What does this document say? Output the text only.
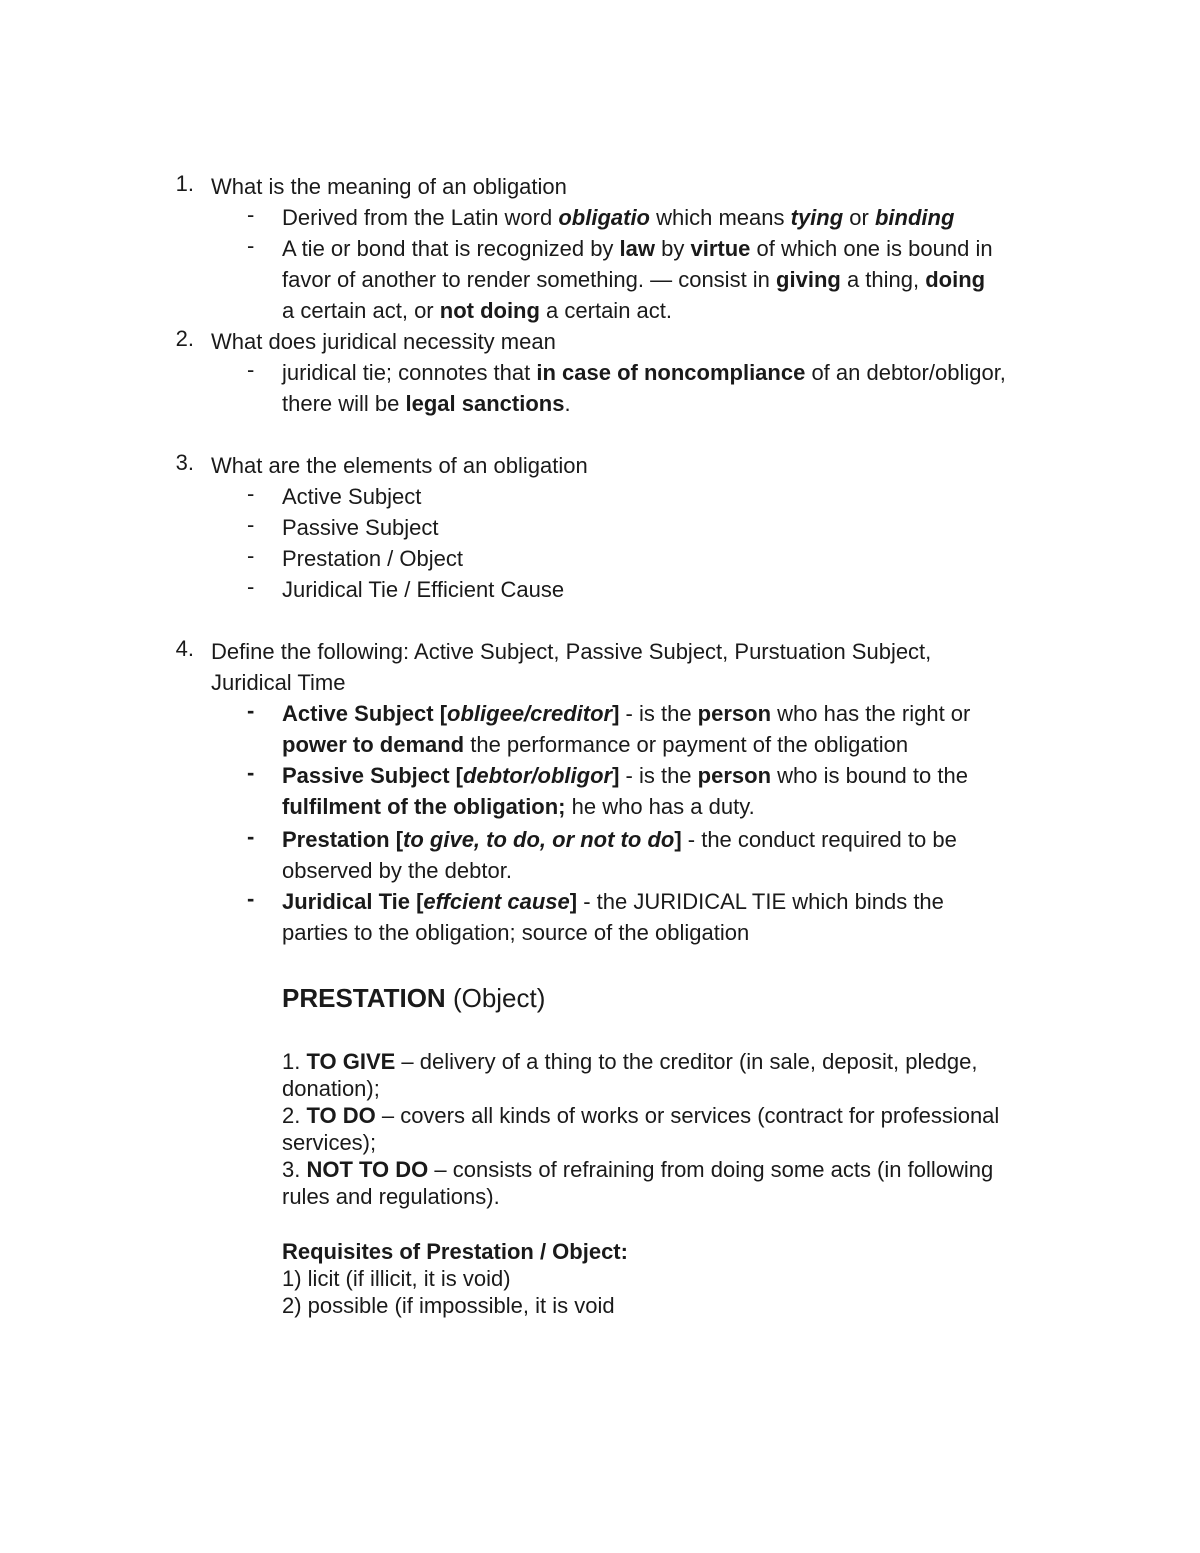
1. What is the meaning of an obligation
- Derived from the Latin word obligatio which means tying or binding
- A tie or bond that is recognized by law by virtue of which one is bound in
favor of another to render something. — consist in giving a thing, doing
a certain act, or not doing a certain act.
2. What does juridical necessity mean
- juridical tie; connotes that in case of noncompliance of an debtor/obligor,
there will be legal sanctions.
3. What are the elements of an obligation
- Active Subject
- Passive Subject
- Prestation / Object
- Juridical Tie / Efficient Cause
4. Define the following: Active Subject, Passive Subject, Purstuation Subject,
Juridical Time
- Active Subject [obligee/creditor] - is the person who has the right or
power to demand the performance or payment of the obligation
- Passive Subject [debtor/obligor] - is the person who is bound to the
fulfilment of the obligation; he who has a duty.
- Prestation [to give, to do, or not to do] - the conduct required to be
observed by the debtor.
- Juridical Tie [effcient cause] - the JURIDICAL TIE which binds the
parties to the obligation; source of the obligation
PRESTATION (Object)
1. TO GIVE – delivery of a thing to the creditor (in sale, deposit, pledge,
donation);
2. TO DO – covers all kinds of works or services (contract for professional
services);
3. NOT TO DO – consists of refraining from doing some acts (in following
rules and regulations).
Requisites of Prestation / Object:
1) licit (if illicit, it is void)
2) possible (if impossible, it is void
